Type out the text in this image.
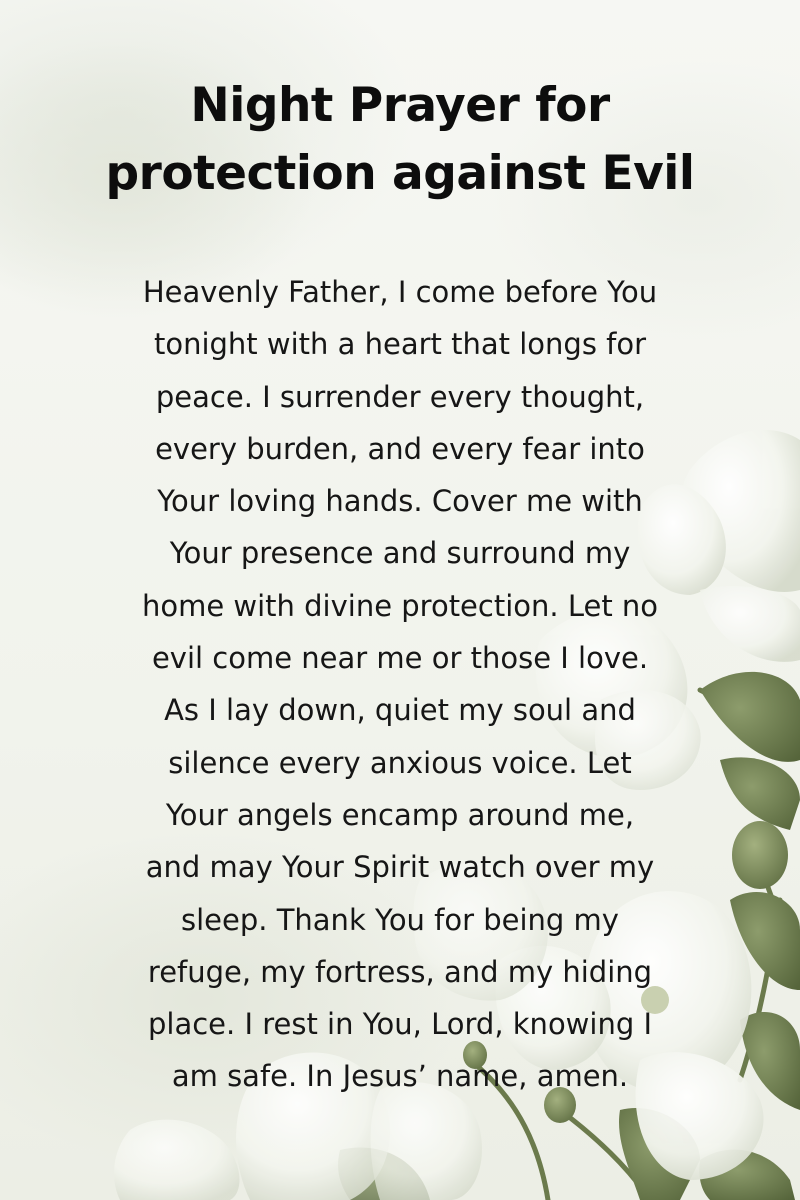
Night Prayer for
protection against Evil

Heavenly Father, I come before You
tonight with a heart that longs for
peace. I surrender every thought,
every burden, and every fear into
Your loving hands. Cover me with
Your presence and surround my
home with divine protection. Let no
evil come near me or those I love.
As I lay down, quiet my soul and
silence every anxious voice. Let
Your angels encamp around me,
and may Your Spirit watch over my
sleep. Thank You for being my
refuge, my fortress, and my hiding
place. I rest in You, Lord, knowing I
am safe. In Jesus’ name, amen.
